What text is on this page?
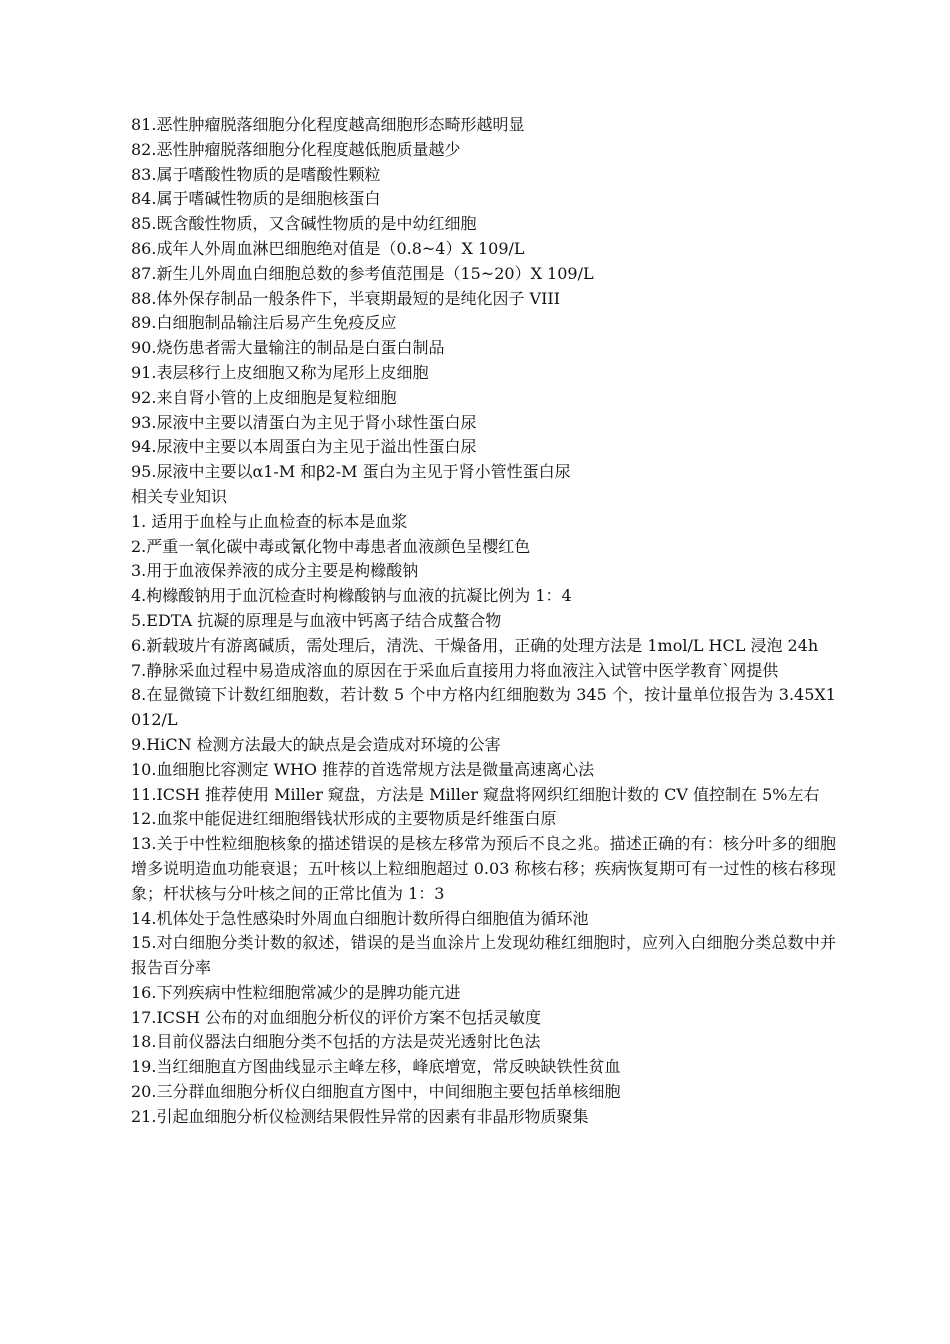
81.恶性肿瘤脱落细胞分化程度越高细胞形态畸形越明显

82.恶性肿瘤脱落细胞分化程度越低胞质量越少

83.属于嗜酸性物质的是嗜酸性颗粒

84.属于嗜碱性物质的是细胞核蛋白

85.既含酸性物质，又含碱性物质的是中幼红细胞

86.成年人外周血淋巴细胞绝对值是（0.8~4）X 109/L

87.新生儿外周血白细胞总数的参考值范围是（15~20）X 109/L

88.体外保存制品一般条件下，半衰期最短的是纯化因子 VIII

89.白细胞制品输注后易产生免疫反应

90.烧伤患者需大量输注的制品是白蛋白制品

91.表层移行上皮细胞又称为尾形上皮细胞

92.来自肾小管的上皮细胞是复粒细胞

93.尿液中主要以清蛋白为主见于肾小球性蛋白尿

94.尿液中主要以本周蛋白为主见于溢出性蛋白尿

95.尿液中主要以α1-M 和β2-M 蛋白为主见于肾小管性蛋白尿

相关专业知识

1. 适用于血栓与止血检查的标本是血浆

2.严重一氧化碳中毒或氰化物中毒患者血液颜色呈樱红色

3.用于血液保养液的成分主要是枸橼酸钠

4.枸橼酸钠用于血沉检查时枸橼酸钠与血液的抗凝比例为 1：4

5.EDTA 抗凝的原理是与血液中钙离子结合成螯合物

6.新载玻片有游离碱质，需处理后，清洗、干燥备用，正确的处理方法是 1mol/L HCL 浸泡 24h

7.静脉采血过程中易造成溶血的原因在于采血后直接用力将血液注入试管中医学教育`网提供

8.在显微镜下计数红细胞数，若计数 5 个中方格内红细胞数为 345 个，按计量单位报告为 3.45X1012/L

9.HiCN 检测方法最大的缺点是会造成对环境的公害

10.血细胞比容测定 WHO 推荐的首选常规方法是微量高速离心法

11.ICSH 推荐使用 Miller 窥盘，方法是 Miller 窥盘将网织红细胞计数的 CV 值控制在 5%左右

12.血浆中能促进红细胞缗钱状形成的主要物质是纤维蛋白原

13.关于中性粒细胞核象的描述错误的是核左移常为预后不良之兆。描述正确的有：核分叶多的细胞增多说明造血功能衰退；五叶核以上粒细胞超过 0.03 称核右移；疾病恢复期可有一过性的核右移现象；杆状核与分叶核之间的正常比值为 1：3

14.机体处于急性感染时外周血白细胞计数所得白细胞值为循环池

15.对白细胞分类计数的叙述，错误的是当血涂片上发现幼稚红细胞时，应列入白细胞分类总数中并报告百分率

16.下列疾病中性粒细胞常减少的是脾功能亢进

17.ICSH 公布的对血细胞分析仪的评价方案不包括灵敏度

18.目前仪器法白细胞分类不包括的方法是荧光透射比色法

19.当红细胞直方图曲线显示主峰左移，峰底增宽，常反映缺铁性贫血

20.三分群血细胞分析仪白细胞直方图中，中间细胞主要包括单核细胞

21.引起血细胞分析仪检测结果假性异常的因素有非晶形物质聚集
